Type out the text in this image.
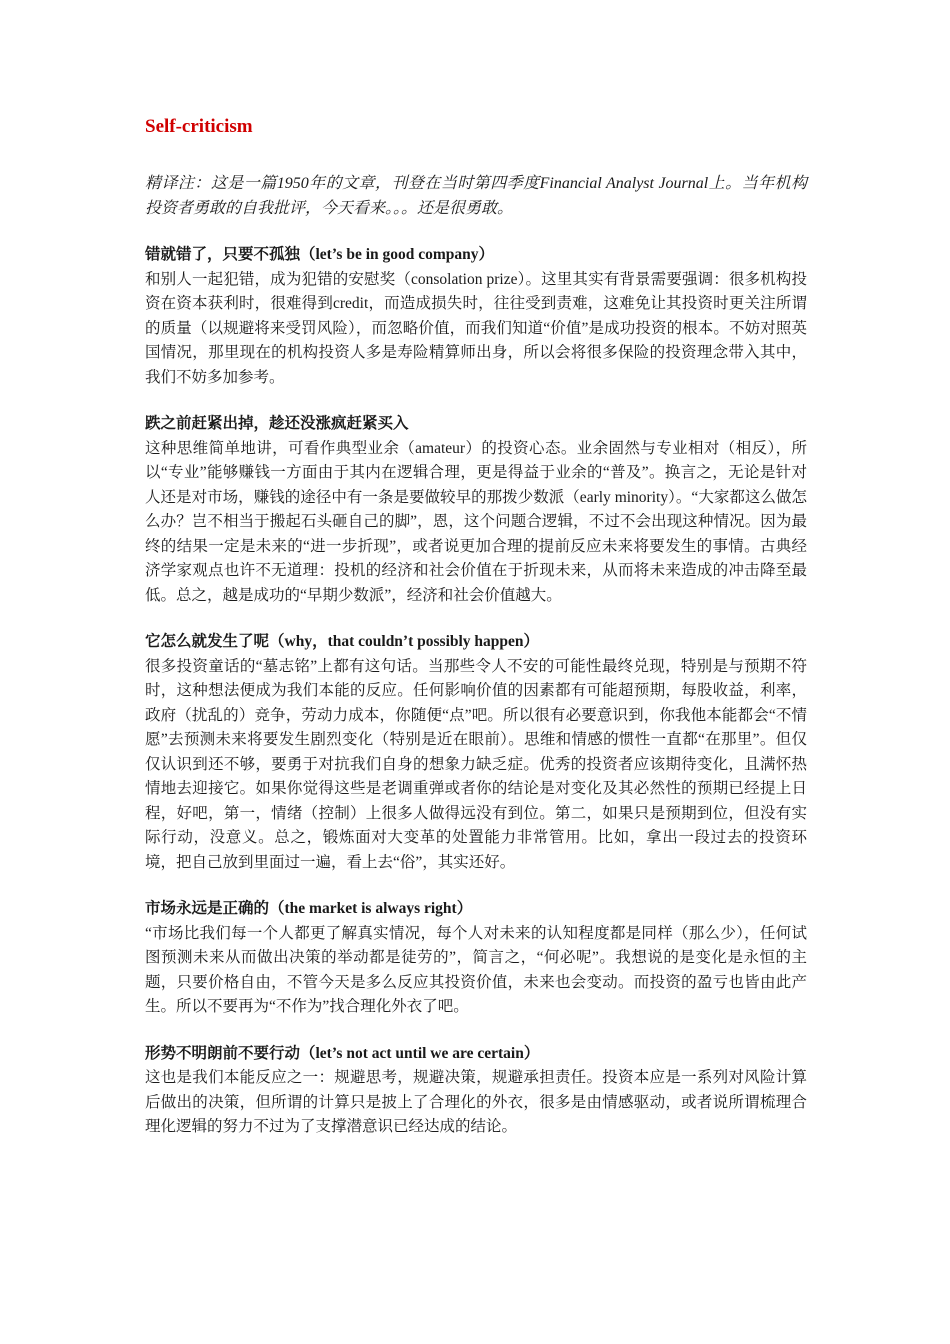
Self-criticism

精译注：这是一篇1950年的文章，刊登在当时第四季度Financial Analyst Journal上。当年机构投资者勇敢的自我批评，今天看来。。。还是很勇敢。

错就错了，只要不孤独（let’s be in good company）

和别人一起犯错，成为犯错的安慰奖（consolation prize）。这里其实有背景需要强调：很多机构投资在资本获利时，很难得到credit，而造成损失时，往往受到责难，这难免让其投资时更关注所谓的质量（以规避将来受罚风险），而忽略价值，而我们知道“价值”是成功投资的根本。不妨对照英国情况，那里现在的机构投资人多是寿险精算师出身，所以会将很多保险的投资理念带入其中，我们不妨多加参考。

跌之前赶紧出掉，趁还没涨疯赶紧买入

这种思维简单地讲，可看作典型业余（amateur）的投资心态。业余固然与专业相对（相反），所以“专业”能够赚钱一方面由于其内在逻辑合理，更是得益于业余的“普及”。换言之，无论是针对人还是对市场，赚钱的途径中有一条是要做较早的那拨少数派（early minority）。“大家都这么做怎么办？岂不相当于搬起石头砸自己的脚”，恩，这个问题合逻辑，不过不会出现这种情况。因为最终的结果一定是未来的“进一步折现”，或者说更加合理的提前反应未来将要发生的事情。古典经济学家观点也许不无道理：投机的经济和社会价值在于折现未来，从而将未来造成的冲击降至最低。总之，越是成功的“早期少数派”，经济和社会价值越大。

它怎么就发生了呢（why，that couldn’t possibly happen）

很多投资童话的“墓志铭”上都有这句话。当那些令人不安的可能性最终兑现，特别是与预期不符时，这种想法便成为我们本能的反应。任何影响价值的因素都有可能超预期，每股收益，利率，政府（扰乱的）竞争，劳动力成本，你随便“点”吧。所以很有必要意识到，你我他本能都会“不情愿”去预测未来将要发生剧烈变化（特别是近在眼前）。思维和情感的惯性一直都“在那里”。但仅仅认识到还不够，要勇于对抗我们自身的想象力缺乏症。优秀的投资者应该期待变化，且满怀热情地去迎接它。如果你觉得这些是老调重弹或者你的结论是对变化及其必然性的预期已经提上日程，好吧，第一，情绪（控制）上很多人做得远没有到位。第二，如果只是预期到位，但没有实际行动，没意义。总之，锻炼面对大变革的处置能力非常管用。比如，拿出一段过去的投资环境，把自己放到里面过一遍，看上去“俗”，其实还好。

市场永远是正确的（the market is always right）

“市场比我们每一个人都更了解真实情况，每个人对未来的认知程度都是同样（那么少），任何试图预测未来从而做出决策的举动都是徒劳的”，简言之，“何必呢”。我想说的是变化是永恒的主题，只要价格自由，不管今天是多么反应其投资价值，未来也会变动。而投资的盈亏也皆由此产生。所以不要再为“不作为”找合理化外衣了吧。

形势不明朗前不要行动（let’s not act until we are certain）

这也是我们本能反应之一：规避思考，规避决策，规避承担责任。投资本应是一系列对风险计算后做出的决策，但所谓的计算只是披上了合理化的外衣，很多是由情感驱动，或者说所谓梳理合理化逻辑的努力不过为了支撑潜意识已经达成的结论。
